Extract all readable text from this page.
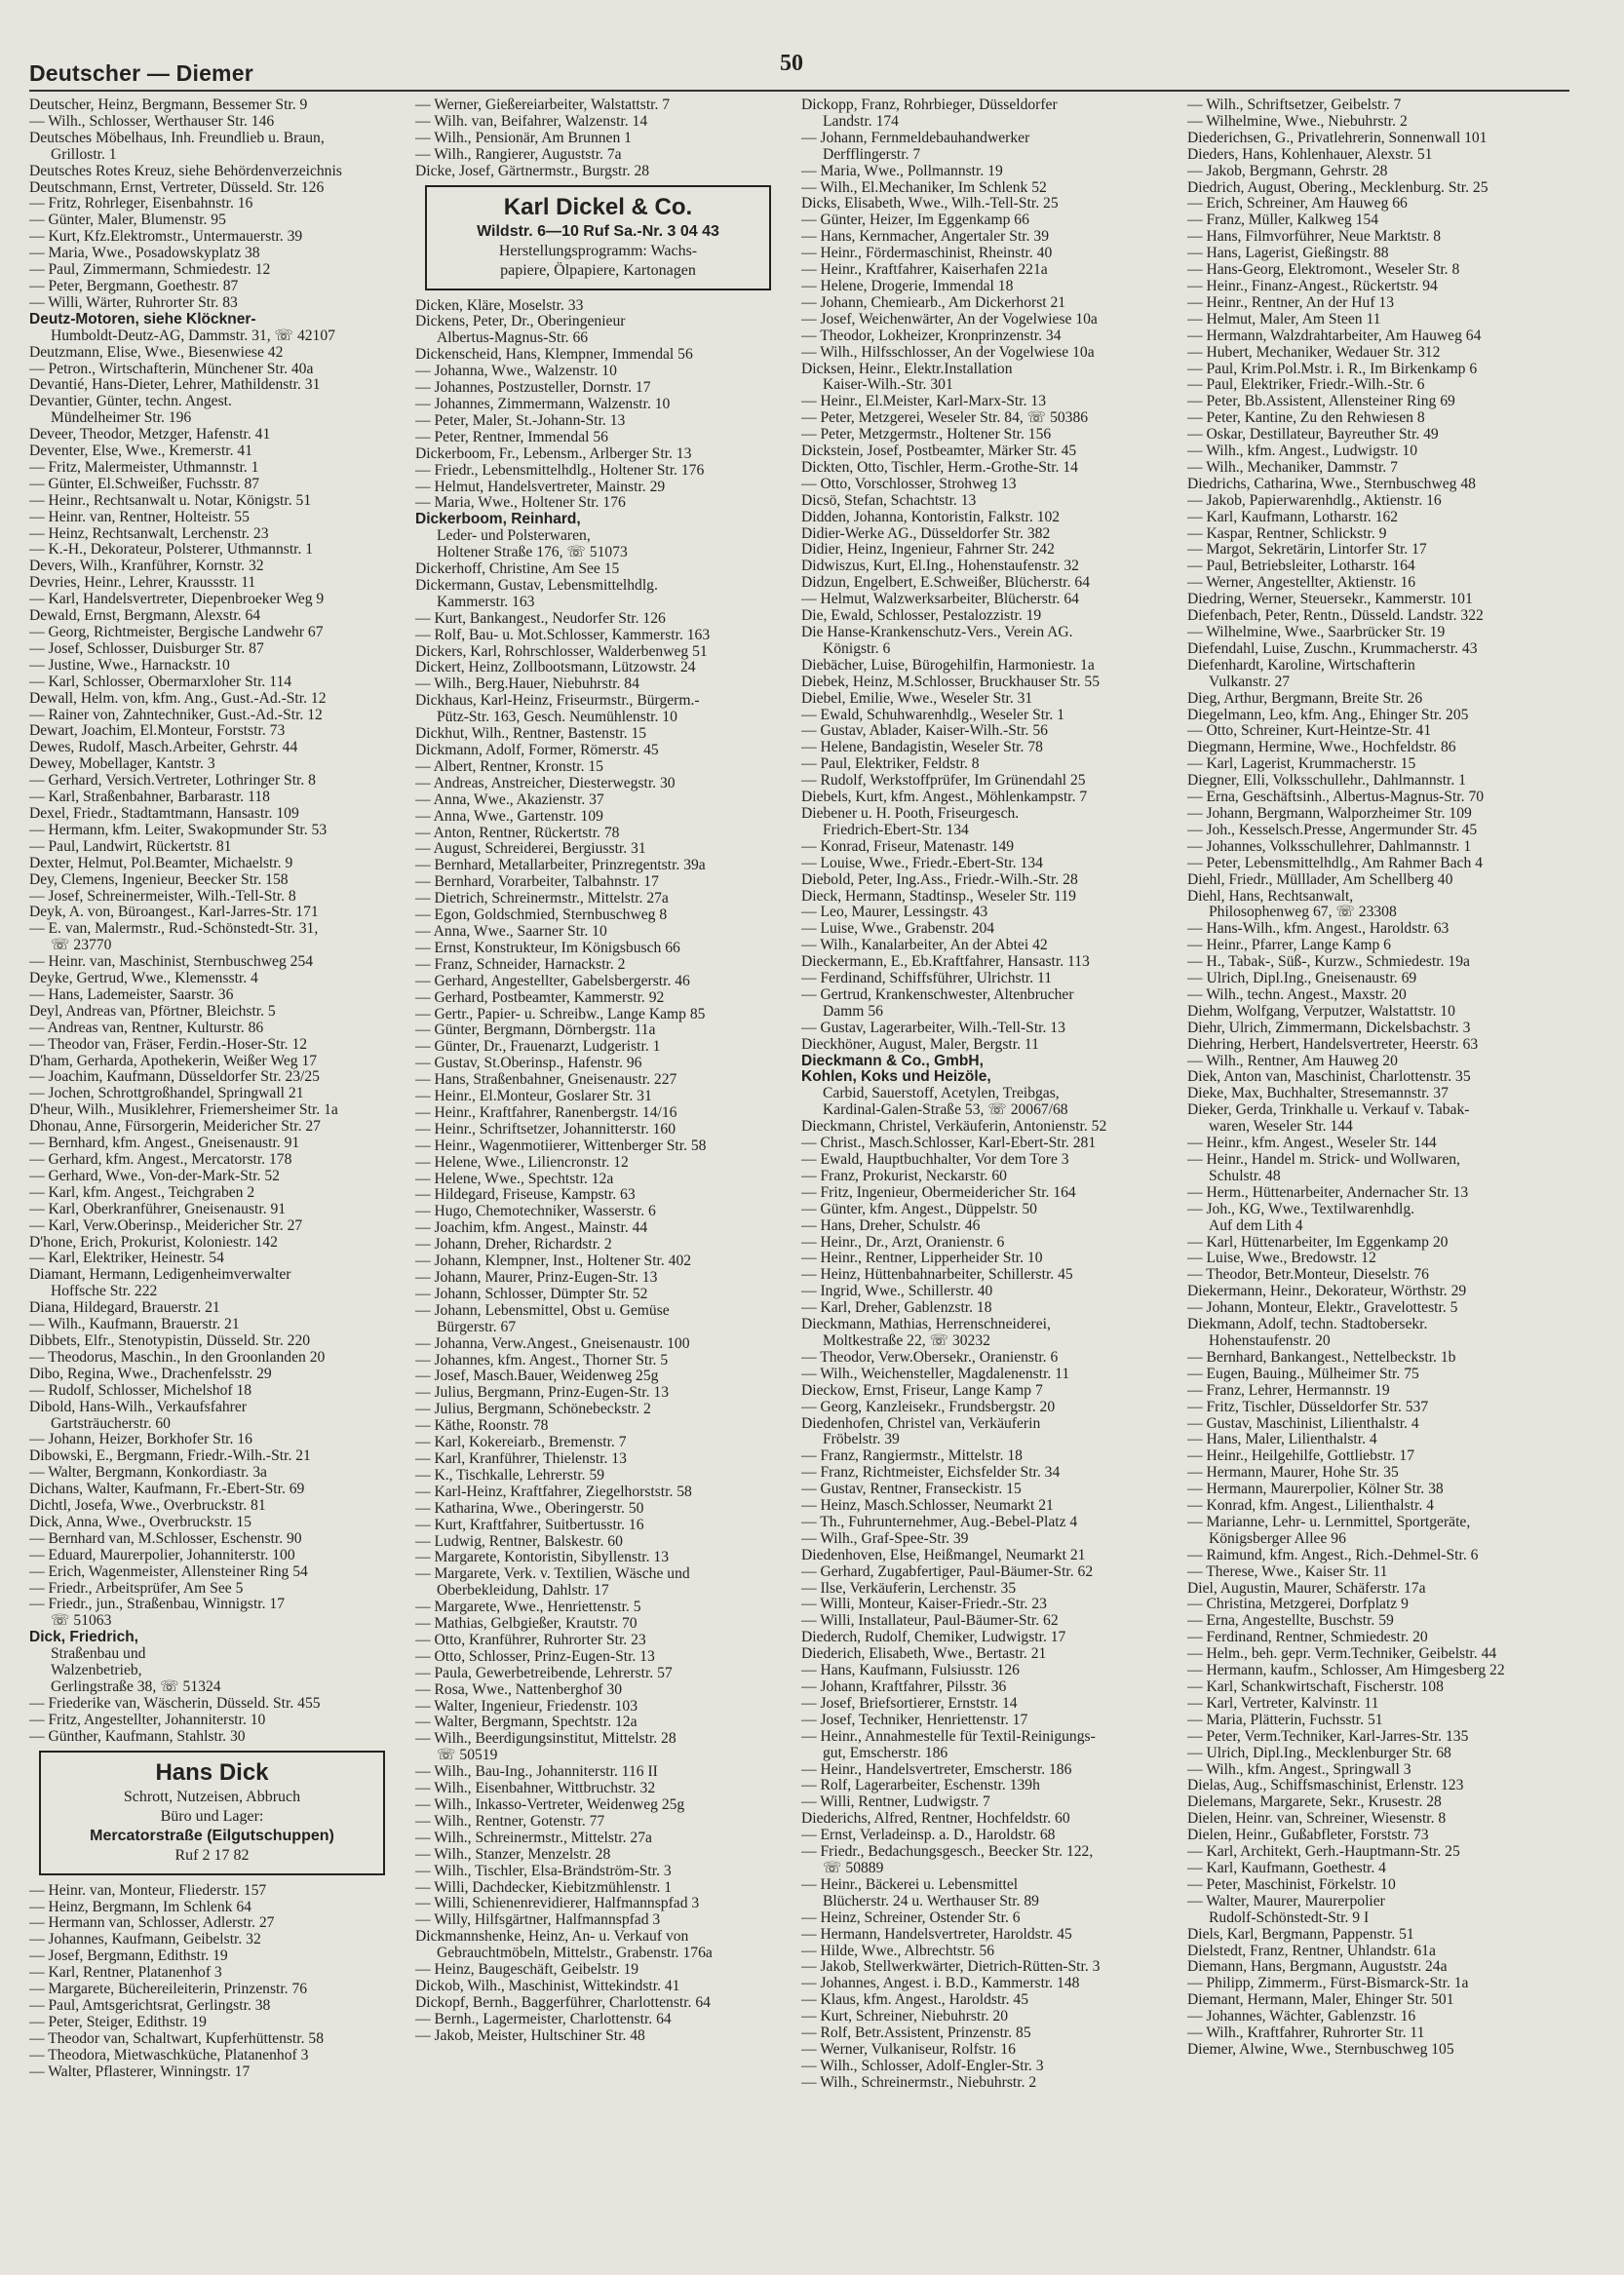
Deutscher — Diemer	50

Deutscher, Heinz, Bergmann, Bessemer Str. 9

— Wilh., Schlosser, Werthauser Str. 146

Deutsches Möbelhaus, Inh. Freundlieb u. Braun,

Grillostr. 1

Deutsches Rotes Kreuz, siehe Behördenverzeichnis

Deutschmann, Ernst, Vertreter, Düsseld. Str. 126

— Fritz, Rohrleger, Eisenbahnstr. 16

— Günter, Maler, Blumenstr. 95

— Kurt, Kfz.Elektromstr., Untermauerstr. 39

— Maria, Wwe., Posadowskyplatz 38

— Paul, Zimmermann, Schmiedestr. 12

— Peter, Bergmann, Goethestr. 87

— Willi, Wärter, Ruhrorter Str. 83

Deutz-Motoren, siehe Klöckner-

Humboldt-Deutz-AG, Dammstr. 31, ☏ 42107

Deutzmann, Elise, Wwe., Biesenwiese 42

— Petron., Wirtschafterin, Münchener Str. 40a

Devantié, Hans-Dieter, Lehrer, Mathildenstr. 31

Devantier, Günter, techn. Angest.

Mündelheimer Str. 196

Deveer, Theodor, Metzger, Hafenstr. 41

Deventer, Else, Wwe., Kremerstr. 41

— Fritz, Malermeister, Uthmannstr. 1

— Günter, El.Schweißer, Fuchsstr. 87

— Heinr., Rechtsanwalt u. Notar, Königstr. 51

— Heinr. van, Rentner, Holteistr. 55

— Heinz, Rechtsanwalt, Lerchenstr. 23

— K.-H., Dekorateur, Polsterer, Uthmannstr. 1

Devers, Wilh., Kranführer, Kornstr. 32

Devries, Heinr., Lehrer, Kraussstr. 11

— Karl, Handelsvertreter, Diepenbroeker Weg 9

Dewald, Ernst, Bergmann, Alexstr. 64

— Georg, Richtmeister, Bergische Landwehr 67

— Josef, Schlosser, Duisburger Str. 87

— Justine, Wwe., Harnackstr. 10

— Karl, Schlosser, Obermarxloher Str. 114

Dewall, Helm. von, kfm. Ang., Gust.-Ad.-Str. 12

— Rainer von, Zahntechniker, Gust.-Ad.-Str. 12

Dewart, Joachim, El.Monteur, Forststr. 73

Dewes, Rudolf, Masch.Arbeiter, Gehrstr. 44

Dewey, Mobellager, Kantstr. 3

— Gerhard, Versich.Vertreter, Lothringer Str. 8

— Karl, Straßenbahner, Barbarastr. 118

Dexel, Friedr., Stadtamtmann, Hansastr. 109

— Hermann, kfm. Leiter, Swakopmunder Str. 53

— Paul, Landwirt, Rückertstr. 81

Dexter, Helmut, Pol.Beamter, Michaelstr. 9

Dey, Clemens, Ingenieur, Beecker Str. 158

— Josef, Schreinermeister, Wilh.-Tell-Str. 8

Deyk, A. von, Büroangest., Karl-Jarres-Str. 171

— E. van, Malermstr., Rud.-Schönstedt-Str. 31,

☏ 23770

— Heinr. van, Maschinist, Sternbuschweg 254

Deyke, Gertrud, Wwe., Klemensstr. 4

— Hans, Lademeister, Saarstr. 36

Deyl, Andreas van, Pförtner, Bleichstr. 5

— Andreas van, Rentner, Kulturstr. 86

— Theodor van, Fräser, Ferdin.-Hoser-Str. 12

D'ham, Gerharda, Apothekerin, Weißer Weg 17

— Joachim, Kaufmann, Düsseldorfer Str. 23/25

— Jochen, Schrottgroßhandel, Springwall 21

D'heur, Wilh., Musiklehrer, Friemersheimer Str. 1a

Dhonau, Anne, Fürsorgerin, Meidericher Str. 27

— Bernhard, kfm. Angest., Gneisenaustr. 91

— Gerhard, kfm. Angest., Mercatorstr. 178

— Gerhard, Wwe., Von-der-Mark-Str. 52

— Karl, kfm. Angest., Teichgraben 2

— Karl, Oberkranführer, Gneisenaustr. 91

— Karl, Verw.Oberinsp., Meidericher Str. 27

D'hone, Erich, Prokurist, Koloniestr. 142

— Karl, Elektriker, Heinestr. 54

Diamant, Hermann, Ledigenheimverwalter

Hoffsche Str. 222

Diana, Hildegard, Brauerstr. 21

— Wilh., Kaufmann, Brauerstr. 21

Dibbets, Elfr., Stenotypistin, Düsseld. Str. 220

— Theodorus, Maschin., In den Groonlanden 20

Dibo, Regina, Wwe., Drachenfelsstr. 29

— Rudolf, Schlosser, Michelshof 18

Dibold, Hans-Wilh., Verkaufsfahrer

Gartsträucherstr. 60

— Johann, Heizer, Borkhofer Str. 16

Dibowski, E., Bergmann, Friedr.-Wilh.-Str. 21

— Walter, Bergmann, Konkordiastr. 3a

Dichans, Walter, Kaufmann, Fr.-Ebert-Str. 69

Dichtl, Josefa, Wwe., Overbruckstr. 81

Dick, Anna, Wwe., Overbruckstr. 15

— Bernhard van, M.Schlosser, Eschenstr. 90

— Eduard, Maurerpolier, Johanniterstr. 100

— Erich, Wagenmeister, Allensteiner Ring 54

— Friedr., Arbeitsprüfer, Am See 5

— Friedr., jun., Straßenbau, Winnigstr. 17

☏ 51063

Dick, Friedrich,

Straßenbau und

Walzenbetrieb,

Gerlingstraße 38, ☏ 51324

— Friederike van, Wäscherin, Düsseld. Str. 455

— Fritz, Angestellter, Johanniterstr. 10

— Günther, Kaufmann, Stahlstr. 30

Hans Dick
Schrott, Nutzeisen, Abbruch
Büro und Lager:
Mercatorstraße (Eilgutschuppen)
Ruf 2 17 82

— Heinr. van, Monteur, Fliederstr. 157

— Heinz, Bergmann, Im Schlenk 64

— Hermann van, Schlosser, Adlerstr. 27

— Johannes, Kaufmann, Geibelstr. 32

— Josef, Bergmann, Edithstr. 19

— Karl, Rentner, Platanenhof 3

— Margarete, Büchereileiterin, Prinzenstr. 76

— Paul, Amtsgerichtsrat, Gerlingstr. 38

— Peter, Steiger, Edithstr. 19

— Theodor van, Schaltwart, Kupferhüttenstr. 58

— Theodora, Mietwaschküche, Platanenhof 3

— Walter, Pflasterer, Winningstr. 17

— Werner, Gießereiarbeiter, Walstattstr. 7

— Wilh. van, Beifahrer, Walzenstr. 14

— Wilh., Pensionär, Am Brunnen 1

— Wilh., Rangierer, Auguststr. 7a

Dicke, Josef, Gärtnermstr., Burgstr. 28

Karl Dickel & Co.
Wildstr. 6—10 Ruf Sa.-Nr. 3 04 43
Herstellungsprogramm: Wachs-
papiere, Ölpapiere, Kartonagen

Dicken, Kläre, Moselstr. 33

Dickens, Peter, Dr., Oberingenieur

Albertus-Magnus-Str. 66

Dickenscheid, Hans, Klempner, Immendal 56

— Johanna, Wwe., Walzenstr. 10

— Johannes, Postzusteller, Dornstr. 17

— Johannes, Zimmermann, Walzenstr. 10

— Peter, Maler, St.-Johann-Str. 13

— Peter, Rentner, Immendal 56

Dickerboom, Fr., Lebensm., Arlberger Str. 13

— Friedr., Lebensmittelhdlg., Holtener Str. 176

— Helmut, Handelsvertreter, Mainstr. 29

— Maria, Wwe., Holtener Str. 176

Dickerboom, Reinhard,

Leder- und Polsterwaren,

Holtener Straße 176, ☏ 51073

Dickerhoff, Christine, Am See 15

Dickermann, Gustav, Lebensmittelhdlg.

Kammerstr. 163

— Kurt, Bankangest., Neudorfer Str. 126

— Rolf, Bau- u. Mot.Schlosser, Kammerstr. 163

Dickers, Karl, Rohrschlosser, Walderbenweg 51

Dickert, Heinz, Zollbootsmann, Lützowstr. 24

— Wilh., Berg.Hauer, Niebuhrstr. 84

Dickhaus, Karl-Heinz, Friseurmstr., Bürgerm.-

Pütz-Str. 163, Gesch. Neumühlenstr. 10

Dickhut, Wilh., Rentner, Bastenstr. 15

Dickmann, Adolf, Former, Römerstr. 45

— Albert, Rentner, Kronstr. 15

— Andreas, Anstreicher, Diesterwegstr. 30

— Anna, Wwe., Akazienstr. 37

— Anna, Wwe., Gartenstr. 109

— Anton, Rentner, Rückertstr. 78

— August, Schreiderei, Bergiusstr. 31

— Bernhard, Metallarbeiter, Prinzregentstr. 39a

— Bernhard, Vorarbeiter, Talbahnstr. 17

— Dietrich, Schreinermstr., Mittelstr. 27a

— Egon, Goldschmied, Sternbuschweg 8

— Anna, Wwe., Saarner Str. 10

— Ernst, Konstrukteur, Im Königsbusch 66

— Franz, Schneider, Harnackstr. 2

— Gerhard, Angestellter, Gabelsbergerstr. 46

— Gerhard, Postbeamter, Kammerstr. 92

— Gertr., Papier- u. Schreibw., Lange Kamp 85

— Günter, Bergmann, Dörnbergstr. 11a

— Günter, Dr., Frauenarzt, Ludgeristr. 1

— Gustav, St.Oberinsp., Hafenstr. 96

— Hans, Straßenbahner, Gneisenaustr. 227

— Heinr., El.Monteur, Goslarer Str. 31

— Heinr., Kraftfahrer, Ranenbergstr. 14/16

— Heinr., Schriftsetzer, Johannitterstr. 160

— Heinr., Wagenmotiierer, Wittenberger Str. 58

— Helene, Wwe., Liliencronstr. 12

— Helene, Wwe., Spechtstr. 12a

— Hildegard, Friseuse, Kampstr. 63

— Hugo, Chemotechniker, Wasserstr. 6

— Joachim, kfm. Angest., Mainstr. 44

— Johann, Dreher, Richardstr. 2

— Johann, Klempner, Inst., Holtener Str. 402

— Johann, Maurer, Prinz-Eugen-Str. 13

— Johann, Schlosser, Dümpter Str. 52

— Johann, Lebensmittel, Obst u. Gemüse

Bürgerstr. 67

— Johanna, Verw.Angest., Gneisenaustr. 100

— Johannes, kfm. Angest., Thorner Str. 5

— Josef, Masch.Bauer, Weidenweg 25g

— Julius, Bergmann, Prinz-Eugen-Str. 13

— Julius, Bergmann, Schönebeckstr. 2

— Käthe, Roonstr. 78

— Karl, Kokereiarb., Bremenstr. 7

— Karl, Kranführer, Thielenstr. 13

— K., Tischkalle, Lehrerstr. 59

— Karl-Heinz, Kraftfahrer, Ziegelhorststr. 58

— Katharina, Wwe., Oberingerstr. 50

— Kurt, Kraftfahrer, Suitbertusstr. 16

— Ludwig, Rentner, Balskestr. 60

— Margarete, Kontoristin, Sibyllenstr. 13

— Margarete, Verk. v. Textilien, Wäsche und

Oberbekleidung, Dahlstr. 17

— Margarete, Wwe., Henriettenstr. 5

— Mathias, Gelbgießer, Krautstr. 70

— Otto, Kranführer, Ruhrorter Str. 23

— Otto, Schlosser, Prinz-Eugen-Str. 13

— Paula, Gewerbetreibende, Lehrerstr. 57

— Rosa, Wwe., Nattenberghof 30

— Walter, Ingenieur, Friedenstr. 103

— Walter, Bergmann, Spechtstr. 12a

— Wilh., Beerdigungsinstitut, Mittelstr. 28

☏ 50519

— Wilh., Bau-Ing., Johanniterstr. 116 II

— Wilh., Eisenbahner, Wittbruchstr. 32

— Wilh., Inkasso-Vertreter, Weidenweg 25g

— Wilh., Rentner, Gotenstr. 77

— Wilh., Schreinermstr., Mittelstr. 27a

— Wilh., Stanzer, Menzelstr. 28

— Wilh., Tischler, Elsa-Brändström-Str. 3

— Willi, Dachdecker, Kiebitzmühlenstr. 1

— Willi, Schienenrevidierer, Halfmannspfad 3

— Willy, Hilfsgärtner, Halfmannspfad 3

Dickmannshenke, Heinz, An- u. Verkauf von

Gebrauchtmöbeln, Mittelstr., Grabenstr. 176a

— Heinz, Baugeschäft, Geibelstr. 19

Dickob, Wilh., Maschinist, Wittekindstr. 41

Dickopf, Bernh., Baggerführer, Charlottenstr. 64

— Bernh., Lagermeister, Charlottenstr. 64

— Jakob, Meister, Hultschiner Str. 48

Dickopp, Franz, Rohrbieger, Düsseldorfer

Landstr. 174

— Johann, Fernmeldebauhandwerker

Derfflingerstr. 7

— Maria, Wwe., Pollmannstr. 19

— Wilh., El.Mechaniker, Im Schlenk 52

Dicks, Elisabeth, Wwe., Wilh.-Tell-Str. 25

— Günter, Heizer, Im Eggenkamp 66

— Hans, Kernmacher, Angertaler Str. 39

— Heinr., Fördermaschinist, Rheinstr. 40

— Heinr., Kraftfahrer, Kaiserhafen 221a

— Helene, Drogerie, Immendal 18

— Johann, Chemiearb., Am Dickerhorst 21

— Josef, Weichenwärter, An der Vogelwiese 10a

— Theodor, Lokheizer, Kronprinzenstr. 34

— Wilh., Hilfsschlosser, An der Vogelwiese 10a

Dicksen, Heinr., Elektr.Installation

Kaiser-Wilh.-Str. 301

— Heinr., El.Meister, Karl-Marx-Str. 13

— Peter, Metzgerei, Weseler Str. 84, ☏ 50386

— Peter, Metzgermstr., Holtener Str. 156

Dickstein, Josef, Postbeamter, Märker Str. 45

Dickten, Otto, Tischler, Herm.-Grothe-Str. 14

— Otto, Vorschlosser, Strohweg 13

Dicsö, Stefan, Schachtstr. 13

Didden, Johanna, Kontoristin, Falkstr. 102

Didier-Werke AG., Düsseldorfer Str. 382

Didier, Heinz, Ingenieur, Fahrner Str. 242

Didwiszus, Kurt, El.Ing., Hohenstaufenstr. 32

Didzun, Engelbert, E.Schweißer, Blücherstr. 64

— Helmut, Walzwerksarbeiter, Blücherstr. 64

Die, Ewald, Schlosser, Pestalozzistr. 19

Die Hanse-Krankenschutz-Vers., Verein AG.

Königstr. 6

Diebächer, Luise, Bürogehilfin, Harmoniestr. 1a

Diebek, Heinz, M.Schlosser, Bruckhauser Str. 55

Diebel, Emilie, Wwe., Weseler Str. 31

— Ewald, Schuhwarenhdlg., Weseler Str. 1

— Gustav, Ablader, Kaiser-Wilh.-Str. 56

— Helene, Bandagistin, Weseler Str. 78

— Paul, Elektriker, Feldstr. 8

— Rudolf, Werkstoffprüfer, Im Grünendahl 25

Diebels, Kurt, kfm. Angest., Möhlenkampstr. 7

Diebener u. H. Pooth, Friseurgesch.

Friedrich-Ebert-Str. 134

— Konrad, Friseur, Matenastr. 149

— Louise, Wwe., Friedr.-Ebert-Str. 134

Diebold, Peter, Ing.Ass., Friedr.-Wilh.-Str. 28

Dieck, Hermann, Stadtinsp., Weseler Str. 119

— Leo, Maurer, Lessingstr. 43

— Luise, Wwe., Grabenstr. 204

— Wilh., Kanalarbeiter, An der Abtei 42

Dieckermann, E., Eb.Kraftfahrer, Hansastr. 113

— Ferdinand, Schiffsführer, Ulrichstr. 11

— Gertrud, Krankenschwester, Altenbrucher

Damm 56

— Gustav, Lagerarbeiter, Wilh.-Tell-Str. 13

Dieckhöner, August, Maler, Bergstr. 11

Dieckmann & Co., GmbH,

Kohlen, Koks und Heizöle,

Carbid, Sauerstoff, Acetylen, Treibgas,

Kardinal-Galen-Straße 53, ☏ 20067/68

Dieckmann, Christel, Verkäuferin, Antonienstr. 52

— Christ., Masch.Schlosser, Karl-Ebert-Str. 281

— Ewald, Hauptbuchhalter, Vor dem Tore 3

— Franz, Prokurist, Neckarstr. 60

— Fritz, Ingenieur, Obermeidericher Str. 164

— Günter, kfm. Angest., Düppelstr. 50

— Hans, Dreher, Schulstr. 46

— Heinr., Dr., Arzt, Oranienstr. 6

— Heinr., Rentner, Lipperheider Str. 10

— Heinz, Hüttenbahnarbeiter, Schillerstr. 45

— Ingrid, Wwe., Schillerstr. 40

— Karl, Dreher, Gablenzstr. 18

Dieckmann, Mathias, Herrenschneiderei,

Moltkestraße 22, ☏ 30232

— Theodor, Verw.Obersekr., Oranienstr. 6

— Wilh., Weichensteller, Magdalenenstr. 11

Dieckow, Ernst, Friseur, Lange Kamp 7

— Georg, Kanzleisekr., Frundsbergstr. 20

Diedenhofen, Christel van, Verkäuferin

Fröbelstr. 39

— Franz, Rangiermstr., Mittelstr. 18

— Franz, Richtmeister, Eichsfelder Str. 34

— Gustav, Rentner, Franseckistr. 15

— Heinz, Masch.Schlosser, Neumarkt 21

— Th., Fuhrunternehmer, Aug.-Bebel-Platz 4

— Wilh., Graf-Spee-Str. 39

Diedenhoven, Else, Heißmangel, Neumarkt 21

— Gerhard, Zugabfertiger, Paul-Bäumer-Str. 62

— Ilse, Verkäuferin, Lerchenstr. 35

— Willi, Monteur, Kaiser-Friedr.-Str. 23

— Willi, Installateur, Paul-Bäumer-Str. 62

Diederch, Rudolf, Chemiker, Ludwigstr. 17

Diederich, Elisabeth, Wwe., Bertastr. 21

— Hans, Kaufmann, Fulsiusstr. 126

— Johann, Kraftfahrer, Pilsstr. 36

— Josef, Briefsortierer, Ernststr. 14

— Josef, Techniker, Henriettenstr. 17

— Heinr., Annahmestelle für Textil-Reinigungs-

gut, Emscherstr. 186

— Heinr., Handelsvertreter, Emscherstr. 186

— Rolf, Lagerarbeiter, Eschenstr. 139h

— Willi, Rentner, Ludwigstr. 7

Diederichs, Alfred, Rentner, Hochfeldstr. 60

— Ernst, Verladeinsp. a. D., Haroldstr. 68

— Friedr., Bedachungsgesch., Beecker Str. 122,

☏ 50889

— Heinr., Bäckerei u. Lebensmittel

Blücherstr. 24 u. Werthauser Str. 89

— Heinz, Schreiner, Ostender Str. 6

— Hermann, Handelsvertreter, Haroldstr. 45

— Hilde, Wwe., Albrechtstr. 56

— Jakob, Stellwerkwärter, Dietrich-Rütten-Str. 3

— Johannes, Angest. i. B.D., Kammerstr. 148

— Klaus, kfm. Angest., Haroldstr. 45

— Kurt, Schreiner, Niebuhrstr. 20

— Rolf, Betr.Assistent, Prinzenstr. 85

— Werner, Vulkaniseur, Rolfstr. 16

— Wilh., Schlosser, Adolf-Engler-Str. 3

— Wilh., Schreinermstr., Niebuhrstr. 2

— Wilh., Schriftsetzer, Geibelstr. 7

— Wilhelmine, Wwe., Niebuhrstr. 2

Diederichsen, G., Privatlehrerin, Sonnenwall 101

Dieders, Hans, Kohlenhauer, Alexstr. 51

— Jakob, Bergmann, Gehrstr. 28

Diedrich, August, Obering., Mecklenburg. Str. 25

— Erich, Schreiner, Am Hauweg 66

— Franz, Müller, Kalkweg 154

— Hans, Filmvorführer, Neue Marktstr. 8

— Hans, Lagerist, Gießingstr. 88

— Hans-Georg, Elektromont., Weseler Str. 8

— Heinr., Finanz-Angest., Rückertstr. 94

— Heinr., Rentner, An der Huf 13

— Helmut, Maler, Am Steen 11

— Hermann, Walzdrahtarbeiter, Am Hauweg 64

— Hubert, Mechaniker, Wedauer Str. 312

— Paul, Krim.Pol.Mstr. i. R., Im Birkenkamp 6

— Paul, Elektriker, Friedr.-Wilh.-Str. 6

— Peter, Bb.Assistent, Allensteiner Ring 69

— Peter, Kantine, Zu den Rehwiesen 8

— Oskar, Destillateur, Bayreuther Str. 49

— Wilh., kfm. Angest., Ludwigstr. 10

— Wilh., Mechaniker, Dammstr. 7

Diedrichs, Catharina, Wwe., Sternbuschweg 48

— Jakob, Papierwarenhdlg., Aktienstr. 16

— Karl, Kaufmann, Lotharstr. 162

— Kaspar, Rentner, Schlickstr. 9

— Margot, Sekretärin, Lintorfer Str. 17

— Paul, Betriebsleiter, Lotharstr. 164

— Werner, Angestellter, Aktienstr. 16

Diedring, Werner, Steuersekr., Kammerstr. 101

Diefenbach, Peter, Rentn., Düsseld. Landstr. 322

— Wilhelmine, Wwe., Saarbrücker Str. 19

Diefendahl, Luise, Zuschn., Krummacherstr. 43

Diefenhardt, Karoline, Wirtschafterin

Vulkanstr. 27

Dieg, Arthur, Bergmann, Breite Str. 26

Diegelmann, Leo, kfm. Ang., Ehinger Str. 205

— Otto, Schreiner, Kurt-Heintze-Str. 41

Diegmann, Hermine, Wwe., Hochfeldstr. 86

— Karl, Lagerist, Krummacherstr. 15

Diegner, Elli, Volksschullehr., Dahlmannstr. 1

— Erna, Geschäftsinh., Albertus-Magnus-Str. 70

— Johann, Bergmann, Walporzheimer Str. 109

— Joh., Kesselsch.Presse, Angermunder Str. 45

— Johannes, Volksschullehrer, Dahlmannstr. 1

— Peter, Lebensmittelhdlg., Am Rahmer Bach 4

Diehl, Friedr., Mülllader, Am Schellberg 40

Diehl, Hans, Rechtsanwalt,

Philosophenweg 67, ☏ 23308

— Hans-Wilh., kfm. Angest., Haroldstr. 63

— Heinr., Pfarrer, Lange Kamp 6

— H., Tabak-, Süß-, Kurzw., Schmiedestr. 19a

— Ulrich, Dipl.Ing., Gneisenaustr. 69

— Wilh., techn. Angest., Maxstr. 20

Diehm, Wolfgang, Verputzer, Walstattstr. 10

Diehr, Ulrich, Zimmermann, Dickelsbachstr. 3

Diehring, Herbert, Handelsvertreter, Heerstr. 63

— Wilh., Rentner, Am Hauweg 20

Diek, Anton van, Maschinist, Charlottenstr. 35

Dieke, Max, Buchhalter, Stresemannstr. 37

Dieker, Gerda, Trinkhalle u. Verkauf v. Tabak-

waren, Weseler Str. 144

— Heinr., kfm. Angest., Weseler Str. 144

— Heinr., Handel m. Strick- und Wollwaren,

Schulstr. 48

— Herm., Hüttenarbeiter, Andernacher Str. 13

— Joh., KG, Wwe., Textilwarenhdlg.

Auf dem Lith 4

— Karl, Hüttenarbeiter, Im Eggenkamp 20

— Luise, Wwe., Bredowstr. 12

— Theodor, Betr.Monteur, Dieselstr. 76

Diekermann, Heinr., Dekorateur, Wörthstr. 29

— Johann, Monteur, Elektr., Gravelottestr. 5

Diekmann, Adolf, techn. Stadtobersekr.

Hohenstaufenstr. 20

— Bernhard, Bankangest., Nettelbeckstr. 1b

— Eugen, Bauing., Mülheimer Str. 75

— Franz, Lehrer, Hermannstr. 19

— Fritz, Tischler, Düsseldorfer Str. 537

— Gustav, Maschinist, Lilienthalstr. 4

— Hans, Maler, Lilienthalstr. 4

— Heinr., Heilgehilfe, Gottliebstr. 17

— Hermann, Maurer, Hohe Str. 35

— Hermann, Maurerpolier, Kölner Str. 38

— Konrad, kfm. Angest., Lilienthalstr. 4

— Marianne, Lehr- u. Lernmittel, Sportgeräte,

Königsberger Allee 96

— Raimund, kfm. Angest., Rich.-Dehmel-Str. 6

— Therese, Wwe., Kaiser Str. 11

Diel, Augustin, Maurer, Schäferstr. 17a

— Christina, Metzgerei, Dorfplatz 9

— Erna, Angestellte, Buschstr. 59

— Ferdinand, Rentner, Schmiedestr. 20

— Helm., beh. gepr. Verm.Techniker, Geibelstr. 44

— Hermann, kaufm., Schlosser, Am Himgesberg 22

— Karl, Schankwirtschaft, Fischerstr. 108

— Karl, Vertreter, Kalvinstr. 11

— Maria, Plätterin, Fuchsstr. 51

— Peter, Verm.Techniker, Karl-Jarres-Str. 135

— Ulrich, Dipl.Ing., Mecklenburger Str. 68

— Wilh., kfm. Angest., Springwall 3

Dielas, Aug., Schiffsmaschinist, Erlenstr. 123

Dielemans, Margarete, Sekr., Krusestr. 28

Dielen, Heinr. van, Schreiner, Wiesenstr. 8

Dielen, Heinr., Gußabfleter, Forststr. 73

— Karl, Architekt, Gerh.-Hauptmann-Str. 25

— Karl, Kaufmann, Goethestr. 4

— Peter, Maschinist, Förkelstr. 10

— Walter, Maurer, Maurerpolier

Rudolf-Schönstedt-Str. 9 I

Diels, Karl, Bergmann, Pappenstr. 51

Dielstedt, Franz, Rentner, Uhlandstr. 61a

Diemann, Hans, Bergmann, Auguststr. 24a

— Philipp, Zimmerm., Fürst-Bismarck-Str. 1a

Diemant, Hermann, Maler, Ehinger Str. 501

— Johannes, Wächter, Gablenzstr. 16

— Wilh., Kraftfahrer, Ruhrorter Str. 11

Diemer, Alwine, Wwe., Sternbuschweg 105
